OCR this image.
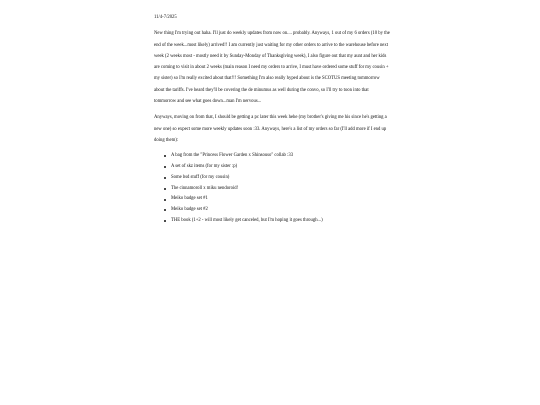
11/4-7/2025

New thing I'm trying out haha. I'll just do weekly updates from now on.... probably. Anyways, 1 out of my 6 orders (10 by the end of the week...most likely) arrived!! I am currently just waiting for my other orders to arrive to the warehouse before next week (2 weeks most - mostly need it by Sunday-Monday of Thanksgiving week), I also figure out that my aunt and her kids are coming to visit in about 2 weeks (main reason I need my orders to arrive, I must have ordered some stuff for my cousin + my sister) so I'm really excited about that!!! Something I'm also really hyped about is the SCOTUS meeting tommorrow about the tariffs. I've heard they'll be covering the de minumus as well during the convo, so I'll try to toon into that tommorrow and see what goes down...man I'm nervous...

Anyways, moving on from that, I should be getting a pc later this week hehe (my brother's giving me his since he's getting a new one) so expect some more weekly updates soon :33. Anyways, here's a list of my orders so far (I'll add more if I end up doing them):

A bag from the "Princess Flower Garden x Shinsouso" collab :33
A set of skz items (for my sister :p)
Some bsd stuff (for my cousin)
The cinnamoroll x miku nendoroid!
Meiko badge set #1
Meiko badge set #2
THE book (1+2 - will most likely get canceled, but I'm hoping it goes through...)
